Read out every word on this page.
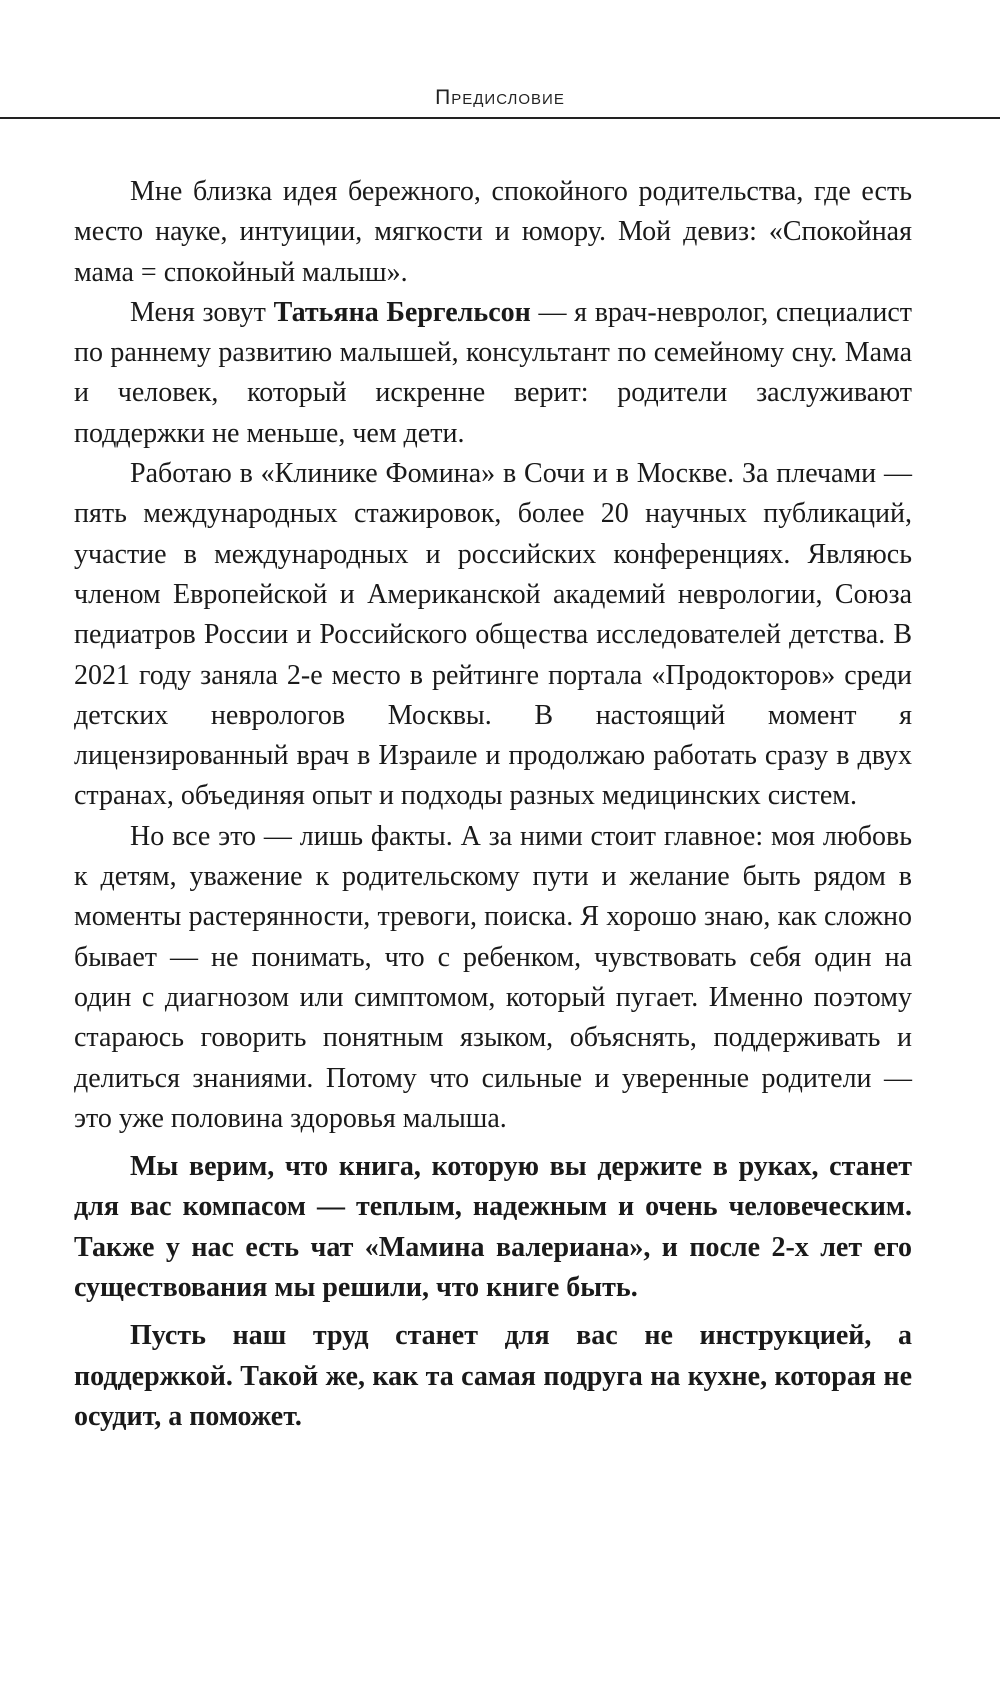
Предисловие

Мне близка идея бережного, спокойного родительства, где есть место науке, интуиции, мягкости и юмору. Мой девиз: «Спокойная мама = спокойный малыш».

Меня зовут Татьяна Бергельсон — я врач-невролог, специалист по раннему развитию малышей, консультант по семейному сну. Мама и человек, который искренне верит: родители заслуживают поддержки не меньше, чем дети.

Работаю в «Клинике Фомина» в Сочи и в Москве. За плечами — пять международных стажировок, более 20 научных публикаций, участие в международных и российских конференциях. Являюсь членом Европейской и Американской академий неврологии, Союза педиатров России и Российского общества исследователей детства. В 2021 году заняла 2-е место в рейтинге портала «Продокторов» среди детских неврологов Москвы. В настоящий момент я лицензированный врач в Израиле и продолжаю работать сразу в двух странах, объединяя опыт и подходы разных медицинских систем.

Но все это — лишь факты. А за ними стоит главное: моя любовь к детям, уважение к родительскому пути и желание быть рядом в моменты растерянности, тревоги, поиска. Я хорошо знаю, как сложно бывает — не понимать, что с ребенком, чувствовать себя один на один с диагнозом или симптомом, который пугает. Именно поэтому стараюсь говорить понятным языком, объяснять, поддерживать и делиться знаниями. Потому что сильные и уверенные родители — это уже половина здоровья малыша.

Мы верим, что книга, которую вы держите в руках, станет для вас компасом — теплым, надежным и очень человеческим. Также у нас есть чат «Мамина валериана», и после 2-х лет его существования мы решили, что книге быть.

Пусть наш труд станет для вас не инструкцией, а поддержкой. Такой же, как та самая подруга на кухне, которая не осудит, а поможет.
